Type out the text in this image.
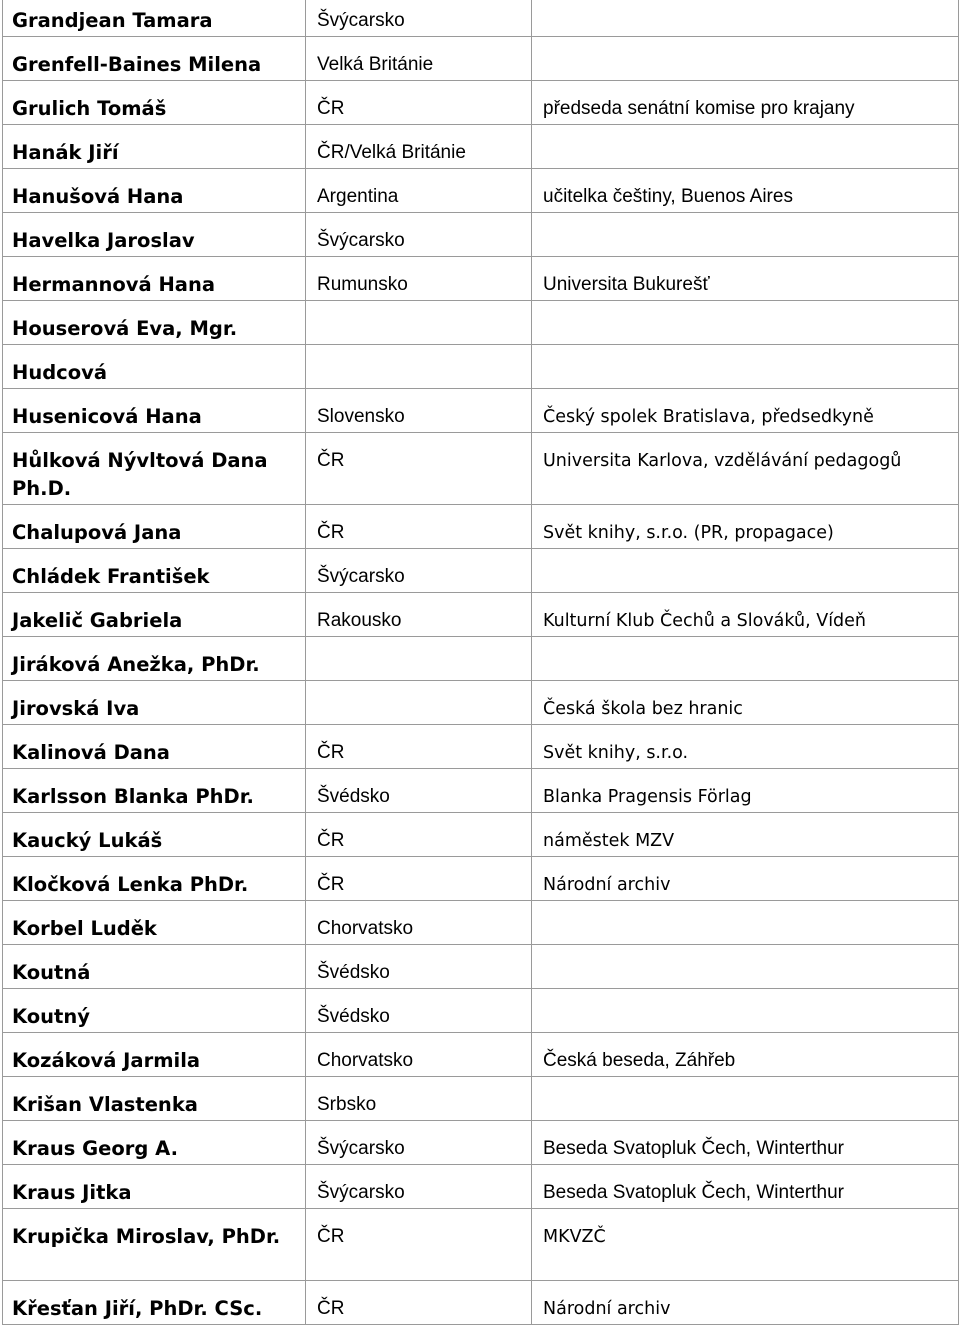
Grandjean Tamara	Švýcarsko	
Grenfell-Baines Milena	Velká Británie	
Grulich Tomáš	ČR	předseda senátní komise pro krajany
Hanák Jiří	ČR/Velká Británie	
Hanušová Hana	Argentina	učitelka češtiny, Buenos Aires
Havelka Jaroslav	Švýcarsko	
Hermannová Hana	Rumunsko	Universita Bukurešť
Houserová Eva, Mgr.		
Hudcová		
Husenicová Hana	Slovensko	Český spolek Bratislava, předsedkyně
Hůlková Nývltová Dana Ph.D.	ČR	Universita Karlova, vzdělávání pedagogů
Chalupová Jana	ČR	Svět knihy, s.r.o. (PR, propagace)
Chládek František	Švýcarsko	
Jakelič Gabriela	Rakousko	Kulturní Klub Čechů a Slováků, Vídeň
Jiráková Anežka, PhDr.		
Jirovská Iva		Česká škola bez hranic
Kalinová Dana	ČR	Svět knihy, s.r.o.
Karlsson Blanka PhDr.	Švédsko	Blanka Pragensis Förlag
Kaucký Lukáš	ČR	náměstek MZV
Kločková Lenka PhDr.	ČR	Národní archiv
Korbel Luděk	Chorvatsko	
Koutná	Švédsko	
Koutný	Švédsko	
Kozáková Jarmila	Chorvatsko	Česká beseda, Záhřeb
Krišan Vlastenka	Srbsko	
Kraus Georg A.	Švýcarsko	Beseda Svatopluk Čech, Winterthur
Kraus Jitka	Švýcarsko	Beseda Svatopluk Čech, Winterthur
Krupička Miroslav, PhDr.	ČR	MKVZČ
Křesťan Jiří, PhDr. CSc.	ČR	Národní archiv
